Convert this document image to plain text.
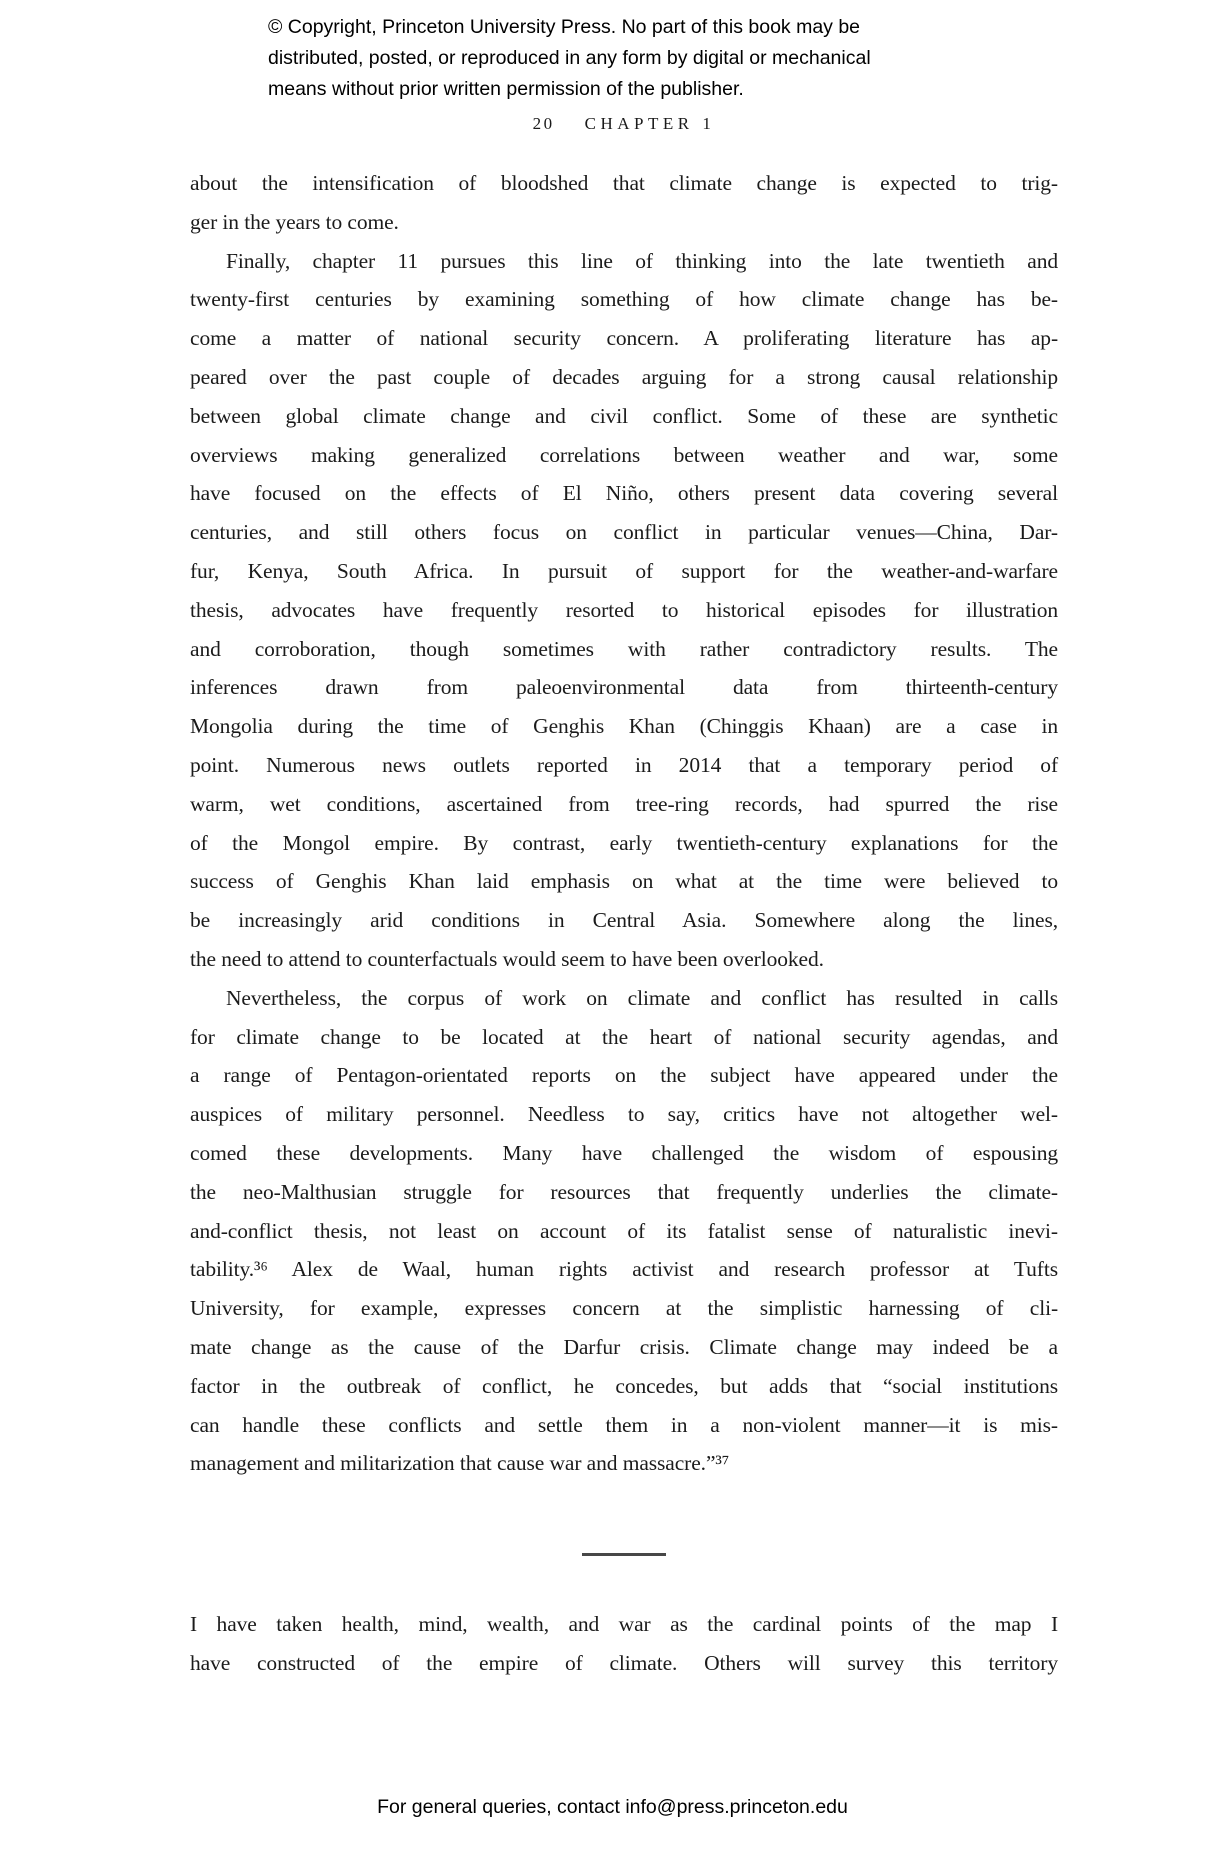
© Copyright, Princeton University Press. No part of this book may be
distributed, posted, or reproduced in any form by digital or mechanical
means without prior written permission of the publisher.
20 CHAPTER 1
about the intensification of bloodshed that climate change is expected to trig-
ger in the years to come.
Finally, chapter 11 pursues this line of thinking into the late twentieth and
twenty-first centuries by examining something of how climate change has be-
come a matter of national security concern. A proliferating literature has ap-
peared over the past couple of decades arguing for a strong causal relationship
between global climate change and civil conflict. Some of these are synthetic
overviews making generalized correlations between weather and war, some
have focused on the effects of El Niño, others present data covering several
centuries, and still others focus on conflict in particular venues—China, Dar-
fur, Kenya, South Africa. In pursuit of support for the weather-and-warfare
thesis, advocates have frequently resorted to historical episodes for illustration
and corroboration, though sometimes with rather contradictory results. The
inferences drawn from paleoenvironmental data from thirteenth-century
Mongolia during the time of Genghis Khan (Chinggis Khaan) are a case in
point. Numerous news outlets reported in 2014 that a temporary period of
warm, wet conditions, ascertained from tree-ring records, had spurred the rise
of the Mongol empire. By contrast, early twentieth-century explanations for the
success of Genghis Khan laid emphasis on what at the time were believed to
be increasingly arid conditions in Central Asia. Somewhere along the lines,
the need to attend to counterfactuals would seem to have been overlooked.
Nevertheless, the corpus of work on climate and conflict has resulted in calls
for climate change to be located at the heart of national security agendas, and
a range of Pentagon-orientated reports on the subject have appeared under the
auspices of military personnel. Needless to say, critics have not altogether wel-
comed these developments. Many have challenged the wisdom of espousing
the neo-Malthusian struggle for resources that frequently underlies the climate-
and-conflict thesis, not least on account of its fatalist sense of naturalistic inevi-
tability.³⁶ Alex de Waal, human rights activist and research professor at Tufts
University, for example, expresses concern at the simplistic harnessing of cli-
mate change as the cause of the Darfur crisis. Climate change may indeed be a
factor in the outbreak of conflict, he concedes, but adds that “social institutions
can handle these conflicts and settle them in a non-violent manner—it is mis-
management and militarization that cause war and massacre.”³⁷
I have taken health, mind, wealth, and war as the cardinal points of the map I
have constructed of the empire of climate. Others will survey this territory
For general queries, contact info@press.princeton.edu
